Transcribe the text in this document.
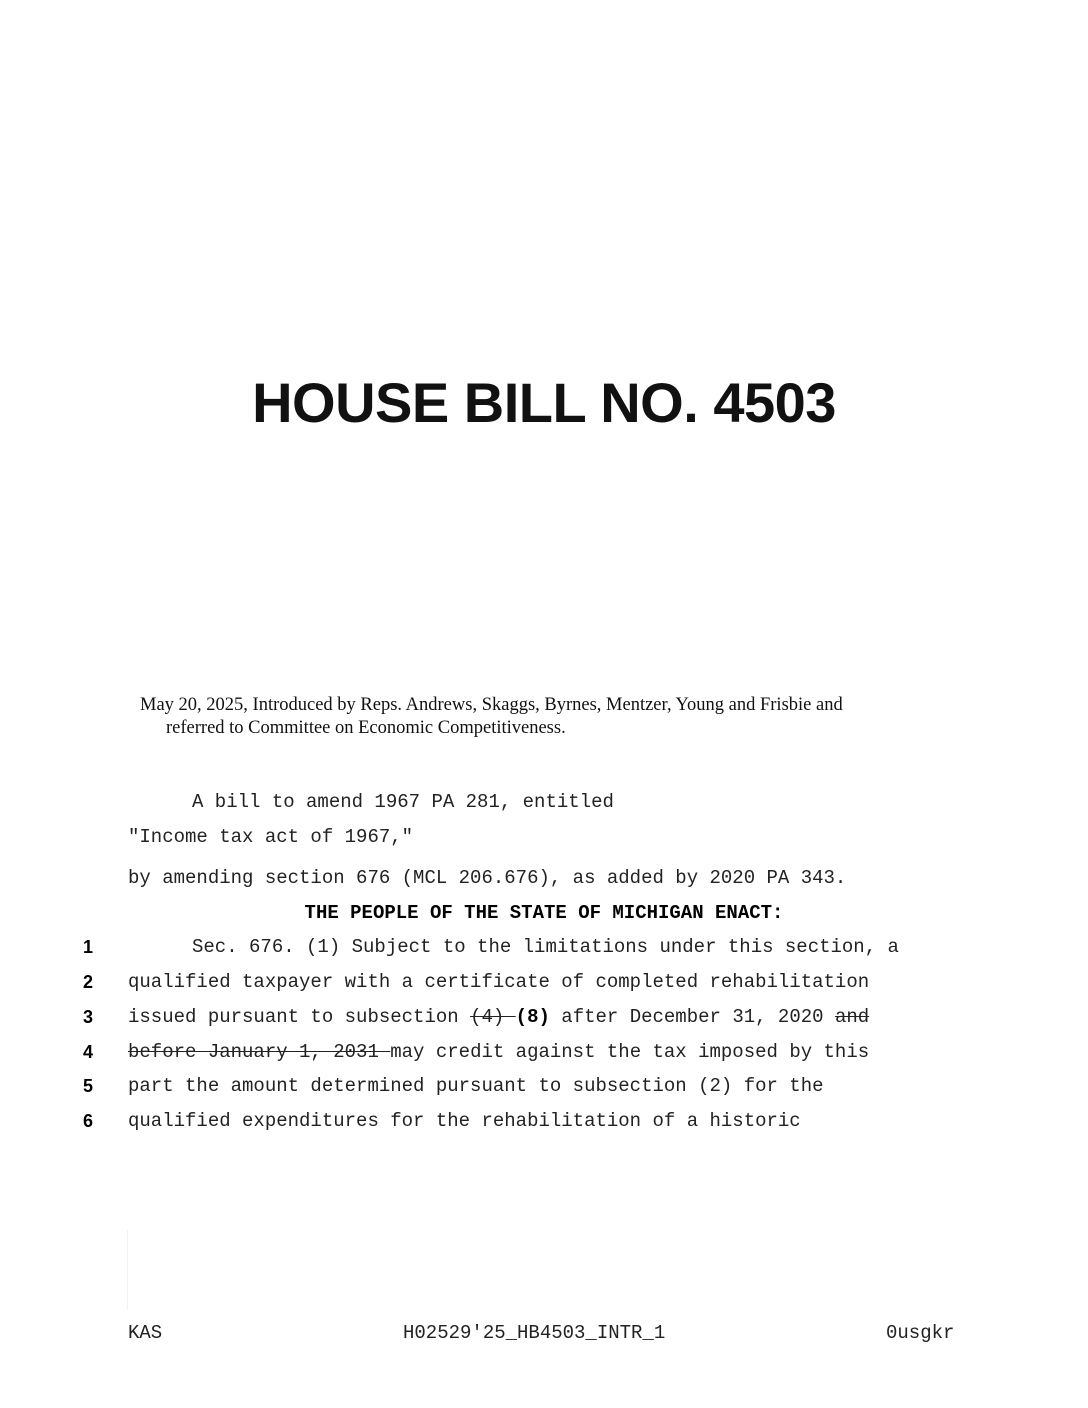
HOUSE BILL NO. 4503
May 20, 2025, Introduced by Reps. Andrews, Skaggs, Byrnes, Mentzer, Young and Frisbie and
referred to Committee on Economic Competitiveness.
A bill to amend 1967 PA 281, entitled
"Income tax act of 1967,"
by amending section 676 (MCL 206.676), as added by 2020 PA 343.
THE PEOPLE OF THE STATE OF MICHIGAN ENACT:
1	Sec. 676. (1) Subject to the limitations under this section, a
2	qualified taxpayer with a certificate of completed rehabilitation
3	issued pursuant to subsection (4) (8) after December 31, 2020 and
4	before January 1, 2031 may credit against the tax imposed by this
5	part the amount determined pursuant to subsection (2) for the
6	qualified expenditures for the rehabilitation of a historic
KAS	H02529'25_HB4503_INTR_1	0usgkr
